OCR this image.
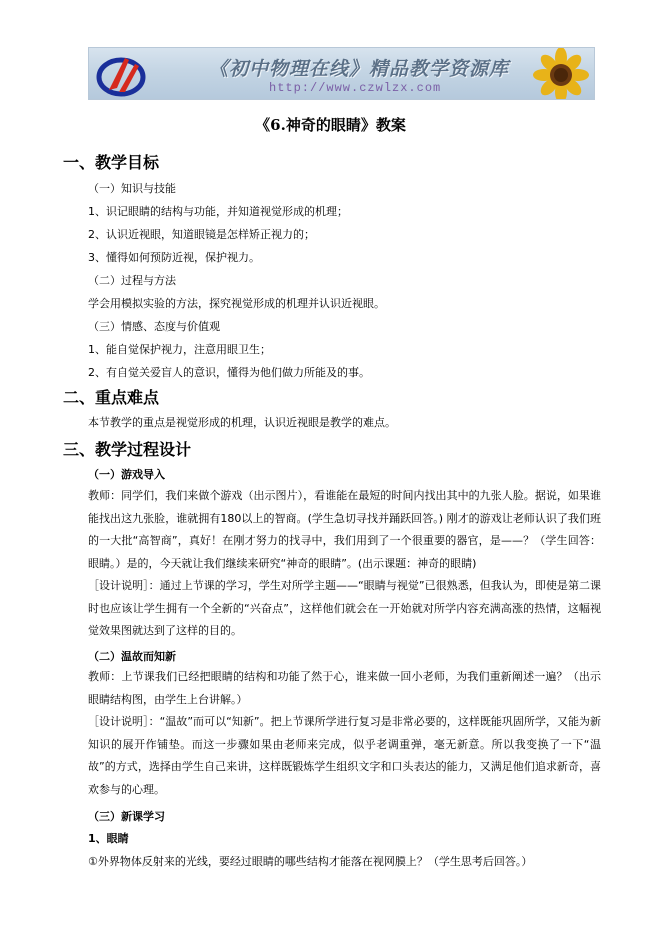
《初中物理在线》精品教学资源库
http://www.czwlzx.com
《6.神奇的眼睛》教案
一、教学目标
（一）知识与技能
1、识记眼睛的结构与功能，并知道视觉形成的机理；
2、认识近视眼，知道眼镜是怎样矫正视力的；
3、懂得如何预防近视，保护视力。
（二）过程与方法
学会用模拟实验的方法，探究视觉形成的机理并认识近视眼。
（三）情感、态度与价值观
1、能自觉保护视力，注意用眼卫生；
2、有自觉关爱盲人的意识，懂得为他们做力所能及的事。
二、重点难点
本节教学的重点是视觉形成的机理，认识近视眼是教学的难点。
三、教学过程设计
（一）游戏导入
教师：同学们，我们来做个游戏（出示图片），看谁能在最短的时间内找出其中的九张人脸。据说，如果谁能找出这九张脸，谁就拥有180以上的智商。(学生急切寻找并踊跃回答。) 刚才的游戏让老师认识了我们班的一大批“高智商”，真好！在刚才努力的找寻中，我们用到了一个很重要的器官，是——？（学生回答：眼睛。）是的，今天就让我们继续来研究“神奇的眼睛”。(出示课题：神奇的眼睛)
［设计说明］：通过上节课的学习，学生对所学主题——“眼睛与视觉”已很熟悉，但我认为，即使是第二课时也应该让学生拥有一个全新的“兴奋点”，这样他们就会在一开始就对所学内容充满高涨的热情，这幅视觉效果图就达到了这样的目的。
（二）温故而知新
教师：上节课我们已经把眼睛的结构和功能了然于心，谁来做一回小老师，为我们重新阐述一遍？（出示眼睛结构图，由学生上台讲解。）
［设计说明］：“温故”而可以“知新”。把上节课所学进行复习是非常必要的，这样既能巩固所学，又能为新知识的展开作铺垫。而这一步骤如果由老师来完成，似乎老调重弹，毫无新意。所以我变换了一下“温故”的方式，选择由学生自己来讲，这样既锻炼学生组织文字和口头表达的能力，又满足他们追求新奇，喜欢参与的心理。
（三）新课学习
1、眼睛
①外界物体反射来的光线，要经过眼睛的哪些结构才能落在视网膜上？（学生思考后回答。）
